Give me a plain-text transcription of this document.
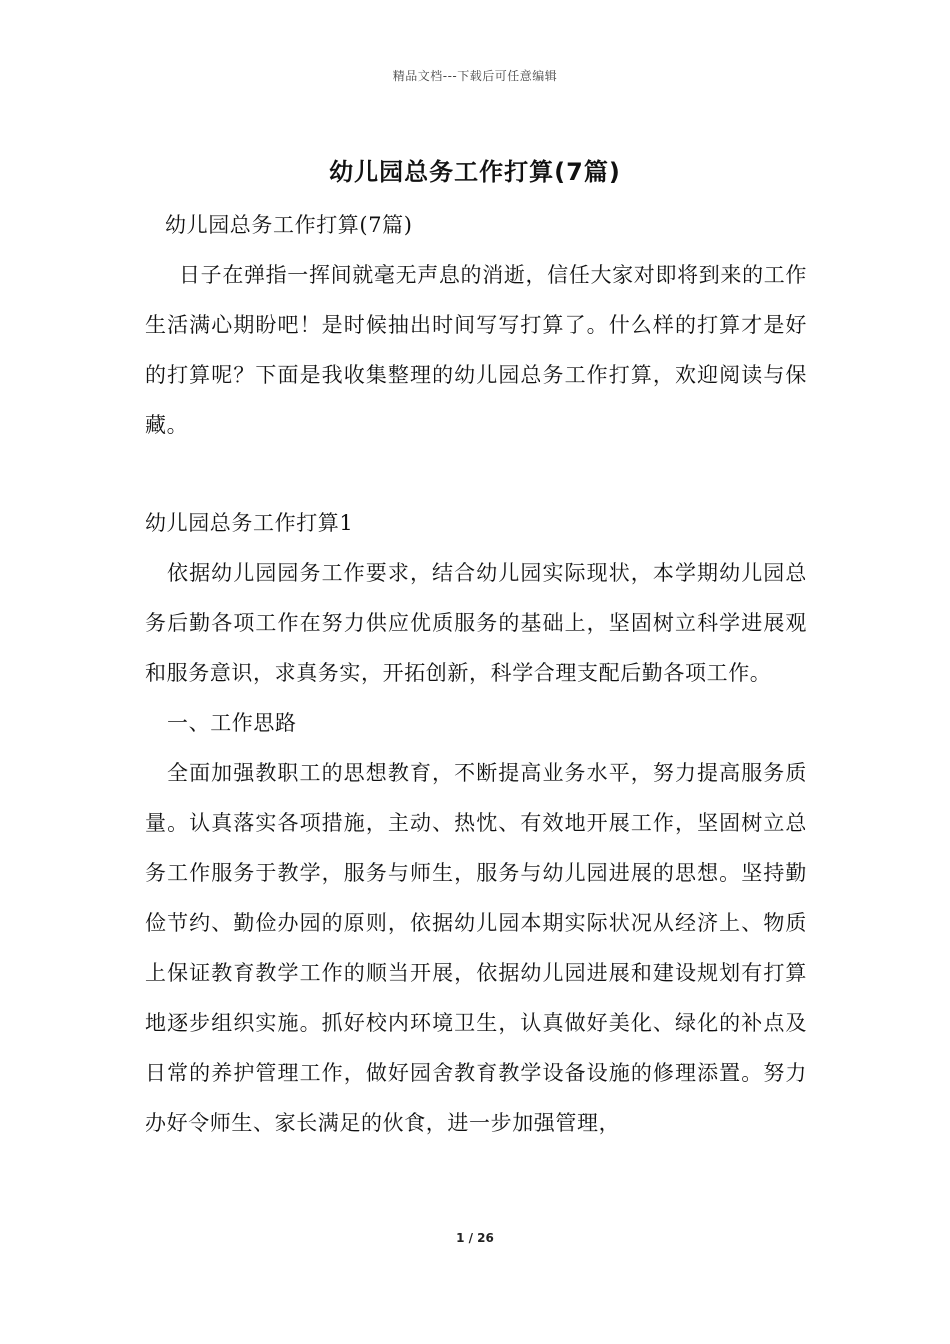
精品文档---下载后可任意编辑
幼儿园总务工作打算(7篇)

幼儿园总务工作打算(7篇)

日子在弹指一挥间就毫无声息的消逝，信任大家对即将到来的工作生活满心期盼吧！是时候抽出时间写写打算了。什么样的打算才是好的打算呢？下面是我收集整理的幼儿园总务工作打算，欢迎阅读与保藏。

幼儿园总务工作打算1

依据幼儿园园务工作要求，结合幼儿园实际现状，本学期幼儿园总务后勤各项工作在努力供应优质服务的基础上，坚固树立科学进展观和服务意识，求真务实，开拓创新，科学合理支配后勤各项工作。

一、工作思路

全面加强教职工的思想教育，不断提高业务水平，努力提高服务质量。认真落实各项措施，主动、热忱、有效地开展工作，坚固树立总务工作服务于教学，服务与师生，服务与幼儿园进展的思想。坚持勤俭节约、勤俭办园的原则，依据幼儿园本期实际状况从经济上、物质上保证教育教学工作的顺当开展，依据幼儿园进展和建设规划有打算地逐步组织实施。抓好校内环境卫生，认真做好美化、绿化的补点及日常的养护管理工作，做好园舍教育教学设备设施的修理添置。努力办好令师生、家长满足的伙食，进一步加强管理，

1 / 26
